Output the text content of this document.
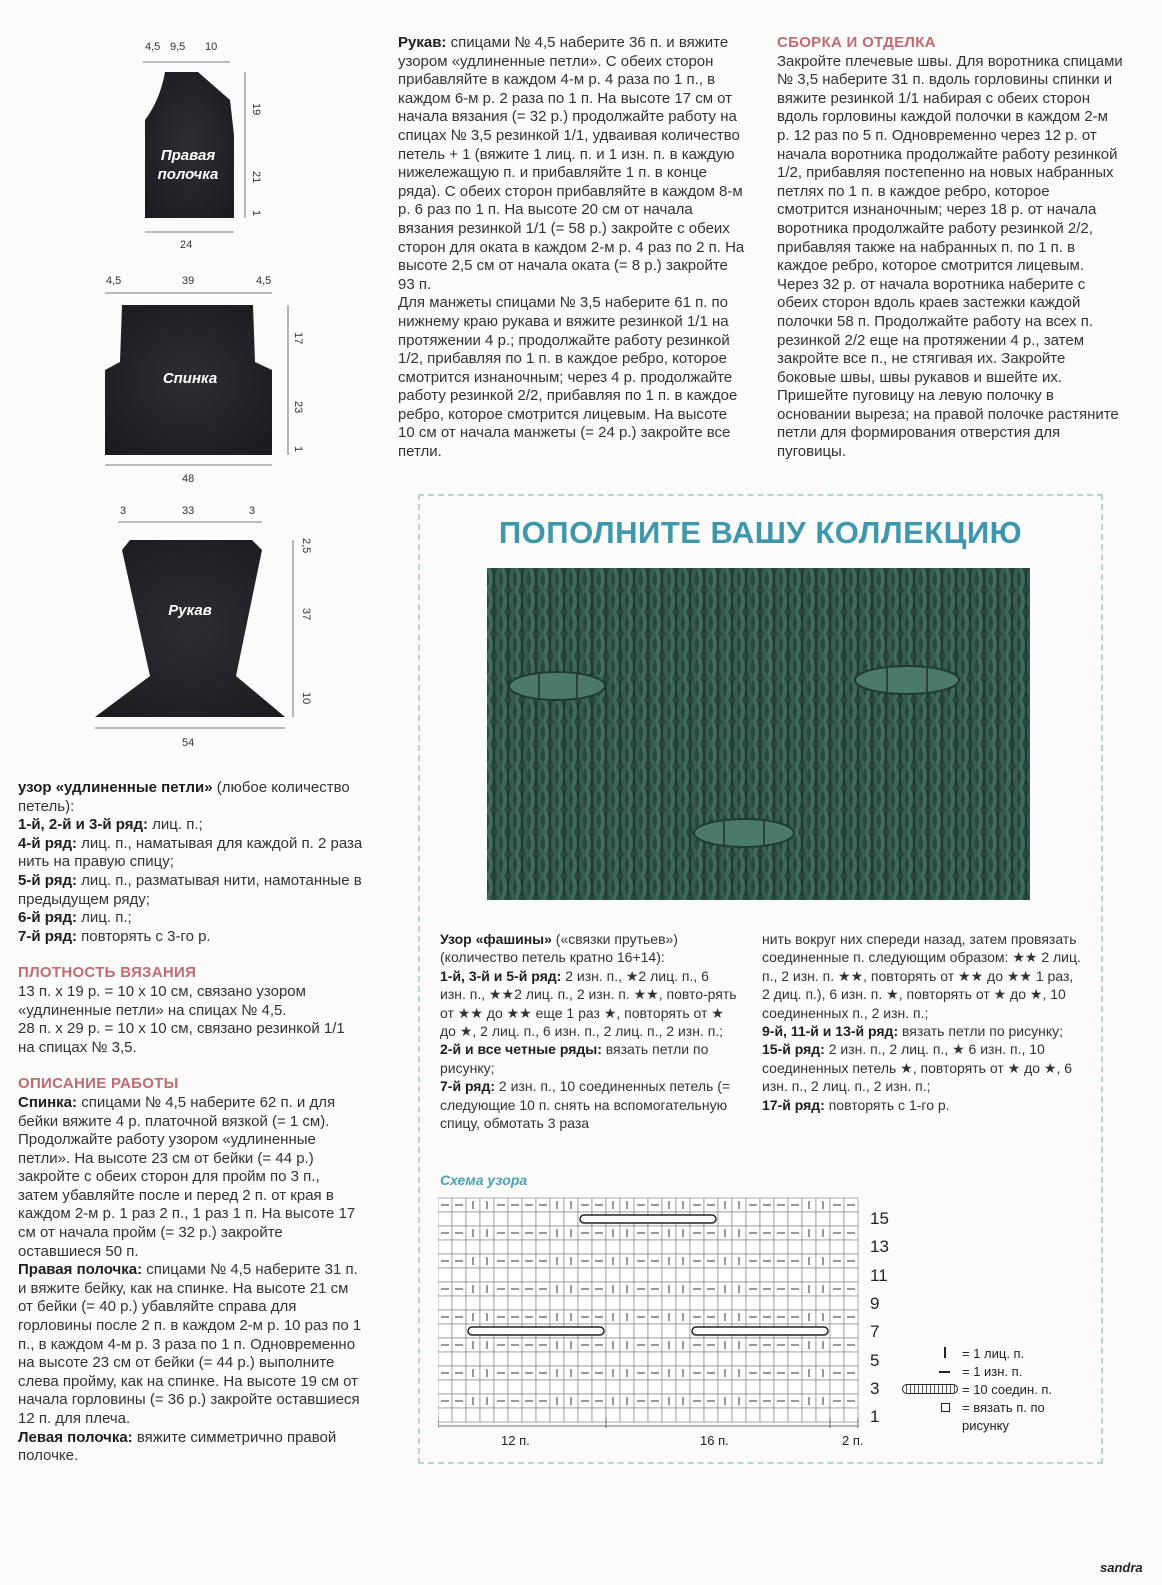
Правая
полочка
4,5 9,5 10
19
21
1
24
Спинка
4,5	39	4,5
17
23
1
48
Рукав
3	33	3
2,5
37
10
54

узор «удлиненные петли» (любое количество петель):

1-й, 2-й и 3-й ряд: лиц. п.;

4-й ряд: лиц. п., наматывая для каждой п. 2 раза нить на правую спицу;

5-й ряд: лиц. п., разматывая нити, намотанные в предыдущем ряду;

6-й ряд: лиц. п.;

7-й ряд: повторять с 3-го р.

ПЛОТНОСТЬ ВЯЗАНИЯ

13 п. х 19 р. = 10 х 10 см, связано узором «удлиненные петли» на спицах № 4,5.

28 п. х 29 р. = 10 х 10 см, связано резинкой 1/1 на спицах № 3,5.

ОПИСАНИЕ РАБОТЫ

Спинка: спицами № 4,5 наберите 62 п. и для бейки вяжите 4 р. платочной вязкой (= 1 см). Продолжайте работу узором «удлиненные петли». На высоте 23 см от бейки (= 44 р.) закройте с обеих сторон для пройм по 3 п., затем убавляйте после и перед 2 п. от края в каждом 2-м р. 1 раз 2 п., 1 раз 1 п. На высоте 17 см от начала пройм (= 32 р.) закройте оставшиеся 50 п.

Правая полочка: спицами № 4,5 наберите 31 п. и вяжите бейку, как на спинке. На высоте 21 см от бейки (= 40 р.) убавляйте справа для горловины после 2 п. в каждом 2-м р. 10 раз по 1 п., в каждом 4-м р. 3 раза по 1 п. Одновременно на высоте 23 см от бейки (= 44 р.) выполните слева пройму, как на спинке. На высоте 19 см от начала горловины (= 36 р.) закройте оставшиеся 12 п. для плеча.

Левая полочка: вяжите симметрично правой полочке.

Рукав: спицами № 4,5 наберите 36 п. и вяжите узором «удлиненные петли». С обеих сторон прибавляйте в каждом 4-м р. 4 раза по 1 п., в каждом 6-м р. 2 раза по 1 п. На высоте 17 см от начала вязания (= 32 р.) продолжайте работу на спицах № 3,5 резинкой 1/1, удваивая количество петель + 1 (вяжите 1 лиц. п. и 1 изн. п. в каждую нижележащую п. и прибавляйте 1 п. в конце ряда). С обеих сторон прибавляйте в каждом 8-м р. 6 раз по 1 п. На высоте 20 см от начала вязания резинкой 1/1 (= 58 р.) закройте с обеих сторон для оката в каждом 2-м р. 4 раз по 2 п. На высоте 2,5 см от начала оката (= 8 р.) закройте 93 п.

Для манжеты спицами № 3,5 наберите 61 п. по нижнему краю рукава и вяжите резинкой 1/1 на протяжении 4 р.; продолжайте работу резинкой 1/2, прибавляя по 1 п. в каждое ребро, которое смотрится изнаночным; через 4 р. продолжайте работу резинкой 2/2, прибавляя по 1 п. в каждое ребро, которое смотрится лицевым. На высоте 10 см от начала манжеты (= 24 р.) закройте все петли.

СБОРКА И ОТДЕЛКА

Закройте плечевые швы. Для воротника спицами № 3,5 наберите 31 п. вдоль горловины спинки и вяжите резинкой 1/1 набирая с обеих сторон вдоль горловины каждой полочки в каждом 2-м р. 12 раз по 5 п. Одновременно через 12 р. от начала воротника продолжайте работу резинкой 1/2, прибавляя постепенно на новых набранных петлях по 1 п. в каждое ребро, которое смотрится изнаночным; через 18 р. от начала воротника продолжайте работу резинкой 2/2, прибавляя также на набранных п. по 1 п. в каждое ребро, которое смотрится лицевым.

Через 32 р. от начала воротника наберите с обеих сторон вдоль краев застежки каждой полочки 58 п. Продолжайте работу на всех п. резинкой 2/2 еще на протяжении 4 р., затем закройте все п., не стягивая их. Закройте боковые швы, швы рукавов и вшейте их. Пришейте пуговицу на левую полочку в основании выреза; на правой полочке растяните петли для формирования отверстия для пуговицы.

ПОПОЛНИТЕ ВАШУ КОЛЛЕКЦИЮ

Узор «фашины» («связки прутьев») (количество петель кратно 16+14):

1-й, 3-й и 5-й ряд: 2 изн. п., ★2 лиц. п., 6 изн. п., ★★2 лиц. п., 2 изн. п. ★★, повто-рять от ★★ до ★★ еще 1 раз ★, повторять от ★ до ★, 2 лиц. п., 6 изн. п., 2 лиц. п., 2 изн. п.;

2-й и все четные ряды: вязать петли по рисунку;

7-й ряд: 2 изн. п., 10 соединенных петель (= следующие 10 п. снять на вспомогательную спицу, обмотать 3 раза

нить вокруг них спереди назад, затем провязать соединенные п. следующим образом: ★★ 2 лиц. п., 2 изн. п. ★★, повторять от ★★ до ★★ 1 раз, 2 диц. п.), 6 изн. п. ★, повторять от ★ до ★, 10 соединенных п., 2 изн. п.;

9-й, 11-й и 13-й ряд: вязать петли по рисунку;

15-й ряд: 2 изн. п., 2 лиц. п., ★ 6 изн. п., 10 соединенных петель ★, повторять от ★ до ★, 6 изн. п., 2 лиц. п., 2 изн. п.;

17-й ряд: повторять с 1-го р.

Схема узора
15
13
11
9
7
5
3
1
12 п.	16 п.	2 п.
= 1 лиц. п.
= 1 изн. п.
= 10 соедин. п.
= вязать п. по рисунку
sandra
